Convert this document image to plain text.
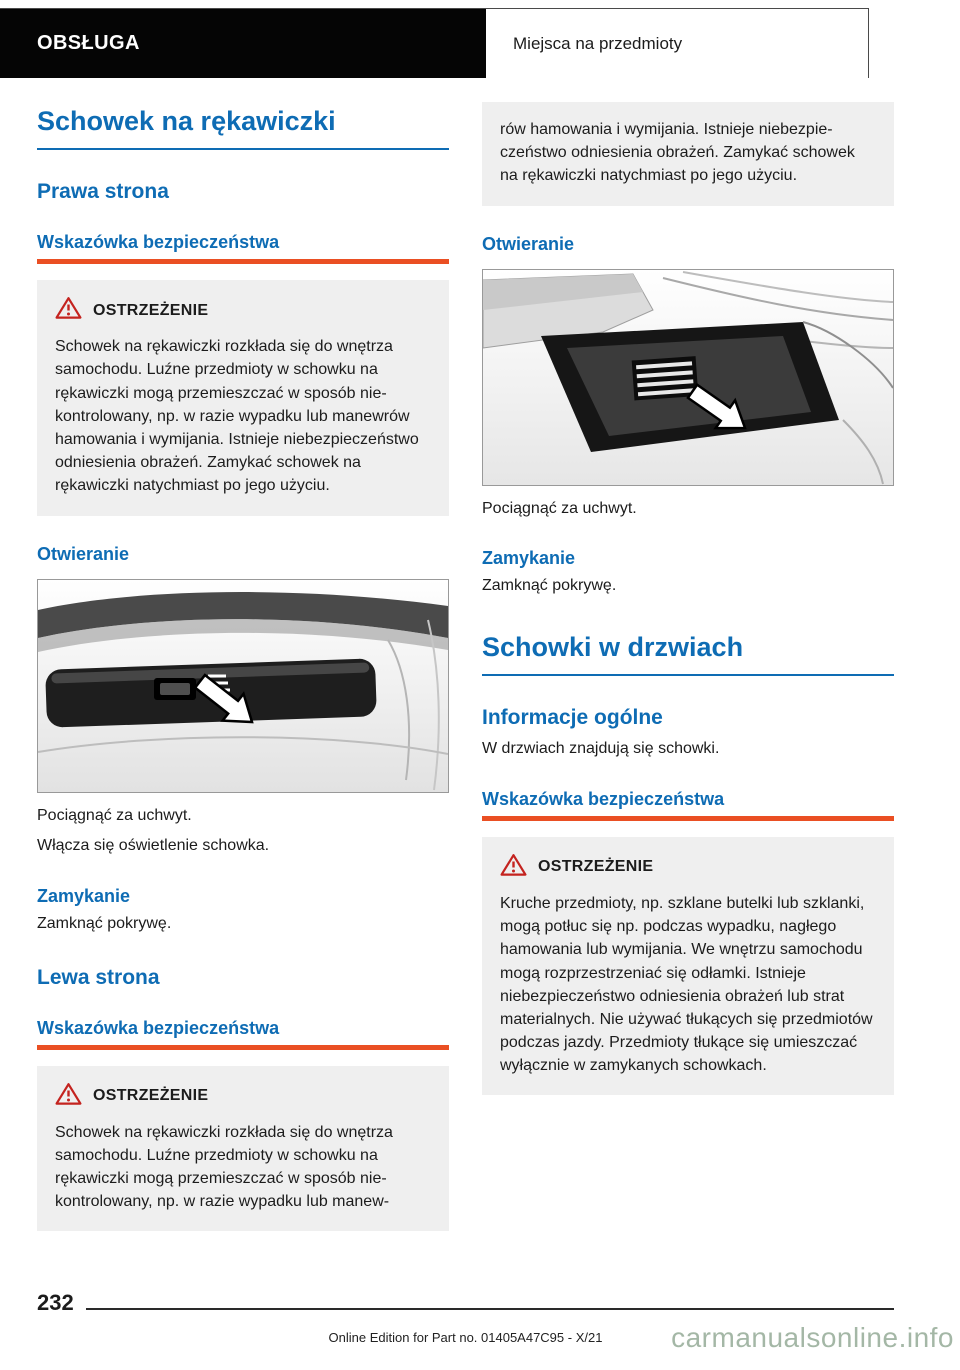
OBSŁUGA	Miejsca na przedmioty
Schowek na rękawiczki
Prawa strona
Wskazówka bezpieczeństwa
OSTRZEŻENIE

Schowek na rękawiczki rozkłada się do wnętrza samochodu. Luźne przedmioty w schowku na rękawiczki mogą przemieszczać w sposób niekontrolowany, np. w razie wypadku lub manewrów hamowania i wymijania. Istnieje niebezpieczeństwo odniesienia obrażeń. Zamykać schowek na rękawiczki natychmiast po jego użyciu.

Otwieranie

Pociągnąć za uchwyt.

Włącza się oświetlenie schowka.

Zamykanie

Zamknąć pokrywę.

Lewa strona
Wskazówka bezpieczeństwa
OSTRZEŻENIE

Schowek na rękawiczki rozkłada się do wnętrza samochodu. Luźne przedmioty w schowku na rękawiczki mogą przemieszczać w sposób niekontrolowany, np. w razie wypadku lub manew-

rów hamowania i wymijania. Istnieje niebezpieczeństwo odniesienia obrażeń. Zamykać schowek na rękawiczki natychmiast po jego użyciu.

Otwieranie

Pociągnąć za uchwyt.

Zamykanie

Zamknąć pokrywę.

Schowki w drzwiach
Informacje ogólne

W drzwiach znajdują się schowki.

Wskazówka bezpieczeństwa
OSTRZEŻENIE

Kruche przedmioty, np. szklane butelki lub szklanki, mogą potłuc się np. podczas wypadku, nagłego hamowania lub wymijania. We wnętrzu samochodu mogą rozprzestrzeniać się odłamki. Istnieje niebezpieczeństwo odniesienia obrażeń lub strat materialnych. Nie używać tłukących się przedmiotów podczas jazdy. Przedmioty tłukące się umieszczać wyłącznie w zamykanych schowkach.

232
Online Edition for Part no. 01405A47C95 - X/21	carmanualsonline.info
